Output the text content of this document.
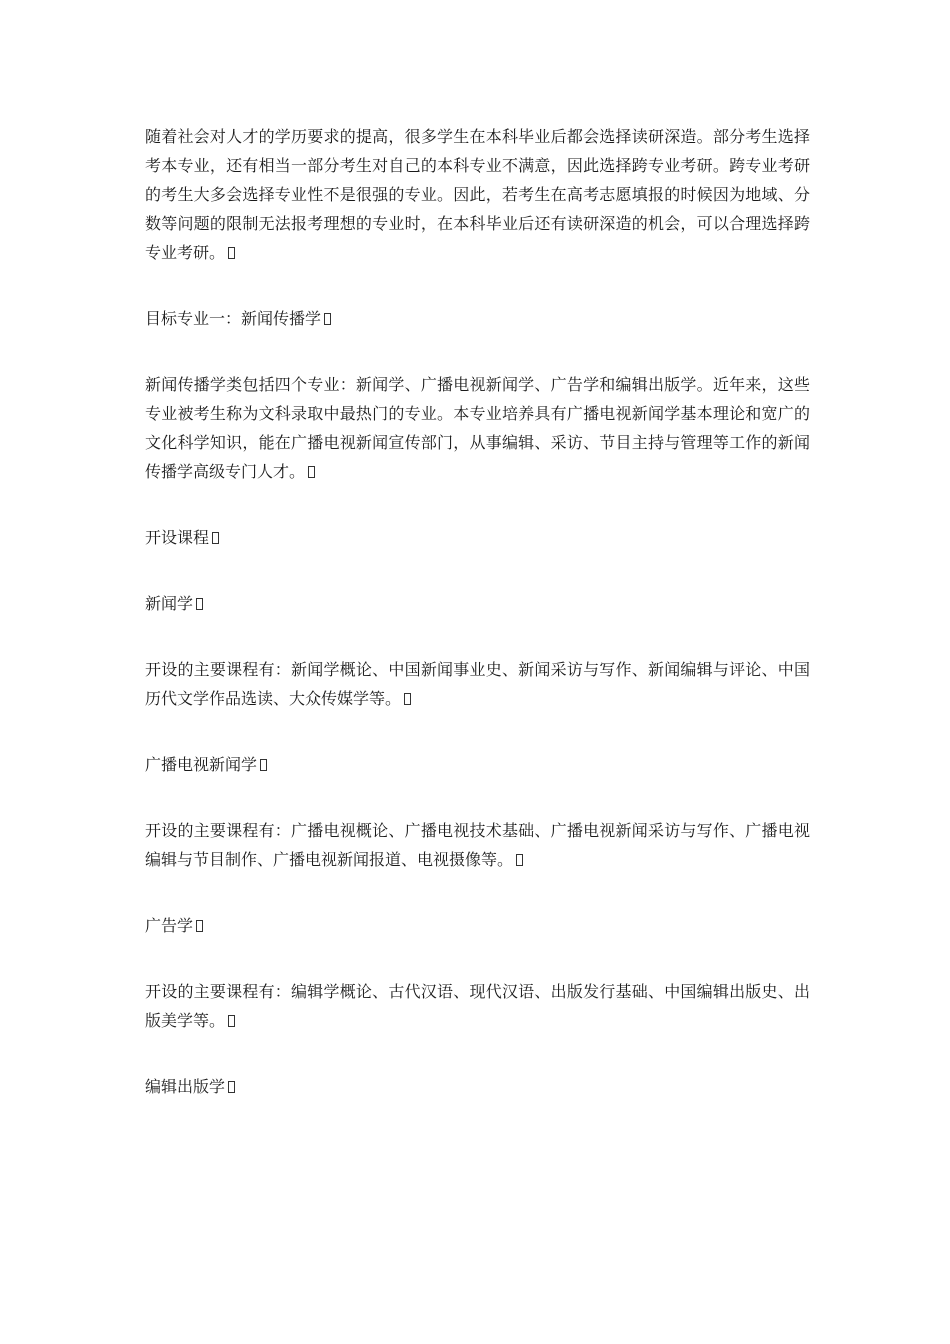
随着社会对人才的学历要求的提高，很多学生在本科毕业后都会选择读研深造。部分考生选择考本专业，还有相当一部分考生对自己的本科专业不满意，因此选择跨专业考研。跨专业考研的考生大多会选择专业性不是很强的专业。因此，若考生在高考志愿填报的时候因为地域、分数等问题的限制无法报考理想的专业时，在本科毕业后还有读研深造的机会，可以合理选择跨专业考研。

目标专业一：新闻传播学

新闻传播学类包括四个专业：新闻学、广播电视新闻学、广告学和编辑出版学。近年来，这些专业被考生称为文科录取中最热门的专业。本专业培养具有广播电视新闻学基本理论和宽广的文化科学知识，能在广播电视新闻宣传部门，从事编辑、采访、节目主持与管理等工作的新闻传播学高级专门人才。

开设课程

新闻学

开设的主要课程有：新闻学概论、中国新闻事业史、新闻采访与写作、新闻编辑与评论、中国历代文学作品选读、大众传媒学等。

广播电视新闻学

开设的主要课程有：广播电视概论、广播电视技术基础、广播电视新闻采访与写作、广播电视编辑与节目制作、广播电视新闻报道、电视摄像等。

广告学

开设的主要课程有：编辑学概论、古代汉语、现代汉语、出版发行基础、中国编辑出版史、出版美学等。

编辑出版学
